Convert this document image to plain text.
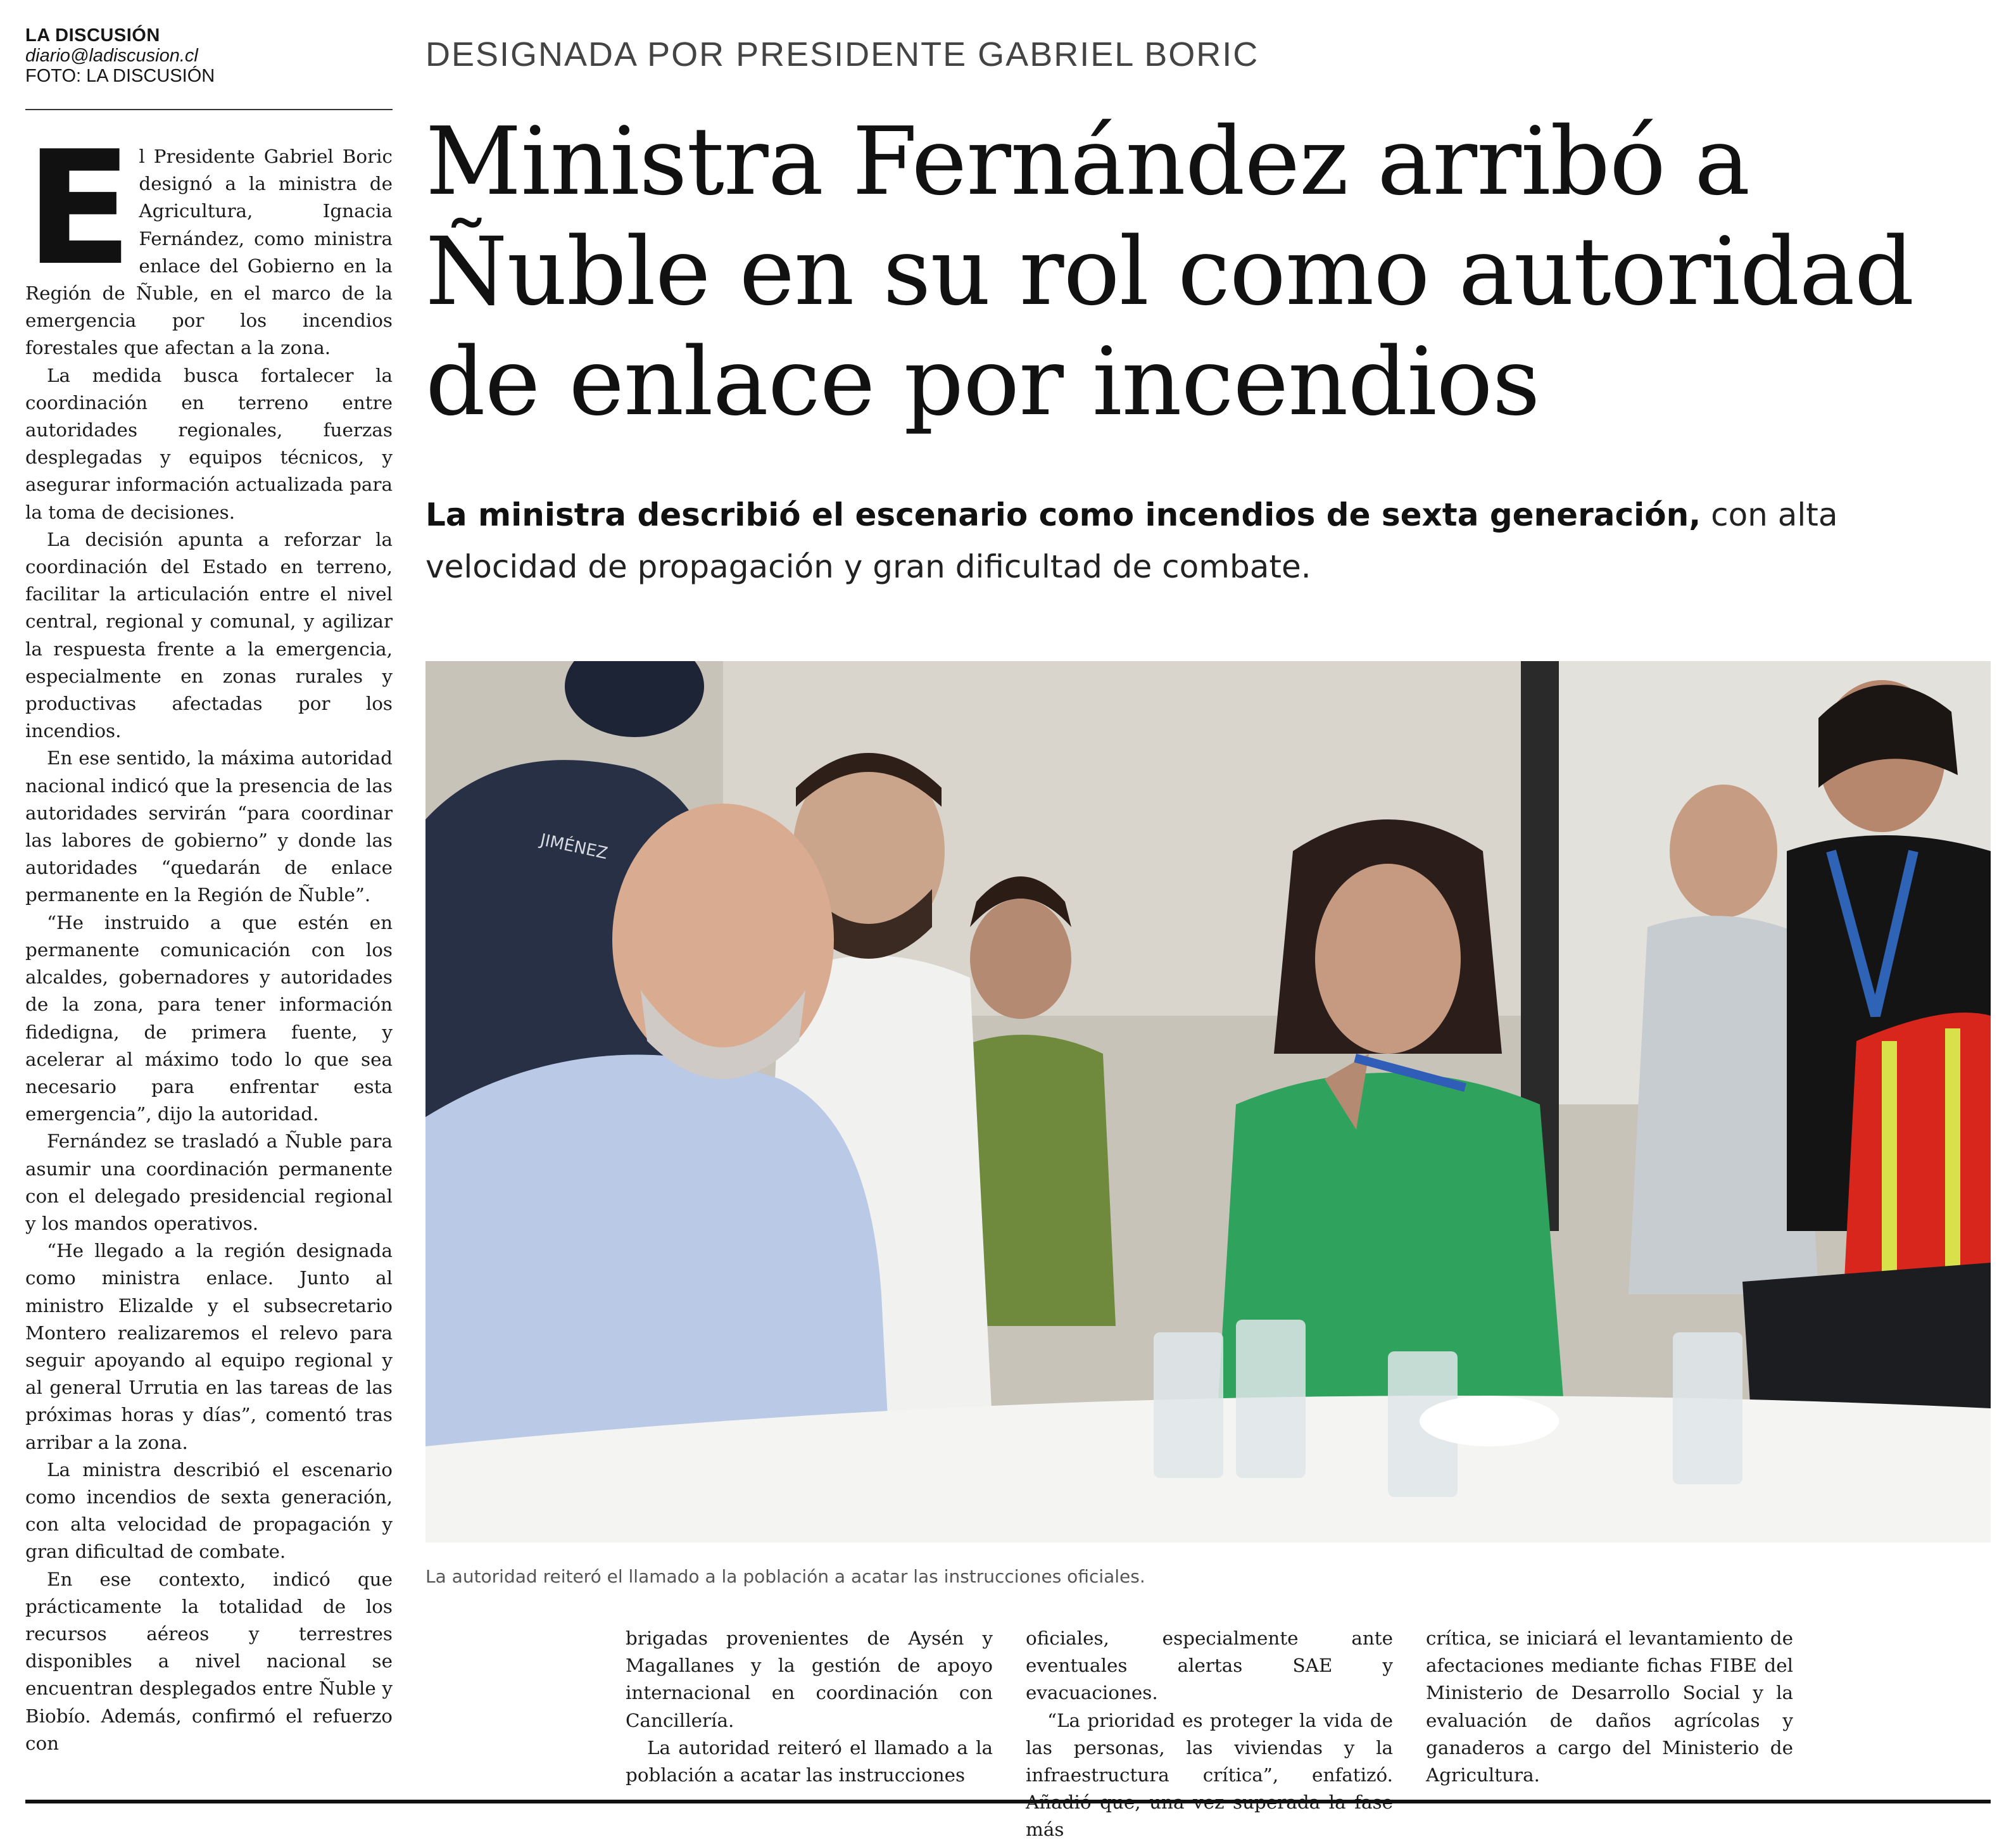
LA DISCUSIÓN
diario@ladiscusion.cl
FOTO: LA DISCUSIÓN
DESIGNADA POR PRESIDENTE GABRIEL BORIC
Ministra Fernández arribó a
Ñuble en su rol como autoridad
de enlace por incendios

La ministra describió el escenario como incendios de sexta generación, con alta velocidad de propagación y gran dificultad de combate.

JIMÉNEZ
La autoridad reiteró el llamado a la población a acatar las instrucciones oficiales.
E l Presidente Gabriel Boric designó a la ministra de Agricultura, Ignacia Fernández, como ministra enlace del Gobierno en la Región de Ñuble, en el marco de la emergencia por los incendios forestales que afectan a la zona.

La medida busca fortalecer la coordinación en terreno entre autoridades regionales, fuerzas desplegadas y equipos técnicos, y asegurar información actualizada para la toma de decisiones.

La decisión apunta a reforzar la coordinación del Estado en terreno, facilitar la articulación entre el nivel central, regional y comunal, y agilizar la respuesta frente a la emergencia, especialmente en zonas rurales y productivas afectadas por los incendios.

En ese sentido, la máxima autoridad nacional indicó que la presencia de las autoridades servirán “para coordinar las labores de gobierno” y donde las autoridades “quedarán de enlace permanente en la Región de Ñuble”.

“He instruido a que estén en permanente comunicación con los alcaldes, gobernadores y autoridades de la zona, para tener información fidedigna, de primera fuente, y acelerar al máximo todo lo que sea necesario para enfrentar esta emergencia”, dijo la autoridad.

Fernández se trasladó a Ñuble para asumir una coordinación permanente con el delegado presidencial regional y los mandos operativos.

“He llegado a la región designada como ministra enlace. Junto al ministro Elizalde y el subsecretario Montero realizaremos el relevo para seguir apoyando al equipo regional y al general Urrutia en las tareas de las próximas horas y días”, comentó tras arribar a la zona.

La ministra describió el escenario como incendios de sexta generación, con alta velocidad de propagación y gran dificultad de combate.

En ese contexto, indicó que prácticamente la totalidad de los recursos aéreos y terrestres disponibles a nivel nacional se encuentran desplegados entre Ñuble y Biobío. Además, confirmó el refuerzo con

brigadas provenientes de Aysén y Magallanes y la gestión de apoyo internacional en coordinación con Cancillería.

La autoridad reiteró el llamado a la población a acatar las instrucciones

oficiales, especialmente ante eventuales alertas SAE y evacuaciones.

“La prioridad es proteger la vida de las personas, las viviendas y la infraestructura crítica”, enfatizó. más

crítica, se iniciará el levantamiento de afectaciones mediante fichas FIBE del Ministerio de Desarrollo Social y la evaluación de daños agrícolas y ganaderos a cargo del Ministerio de Agricultura.
